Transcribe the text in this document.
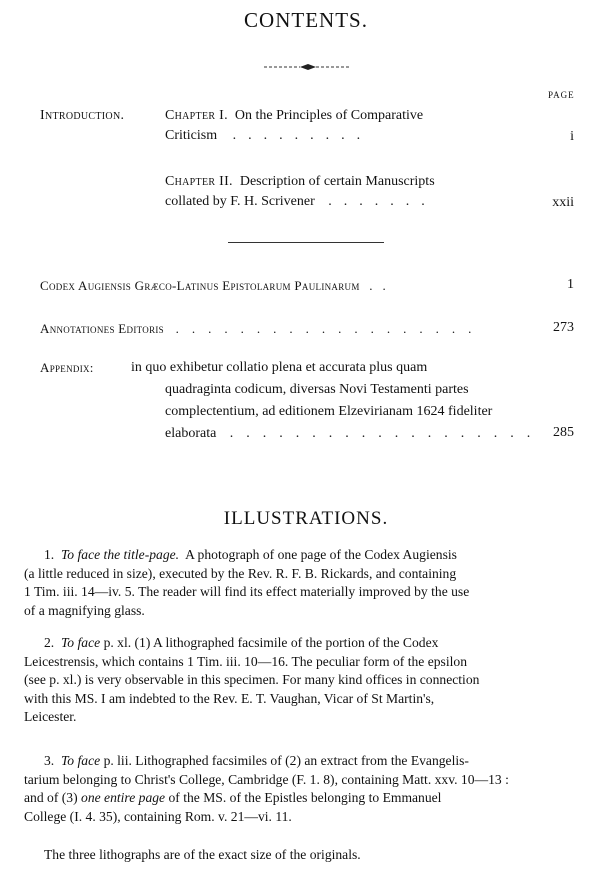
CONTENTS.
PAGE
Introduction.	Chapter I. On the Principles of Comparative
Criticism .........	i
Chapter II. Description of certain Manuscripts
collated by F. H. Scrivener .......	xxii
Codex Augiensis Græco-Latinus Epistolarum Paulinarum ..	1
Annotationes Editoris ...................	273
Appendix:	in quo exhibetur collatio plena et accurata plus quam
quadraginta codicum, diversas Novi Testamenti partes
complectentium, ad editionem Elzevirianam 1624 fideliter
elaborata ................... 285
ILLUSTRATIONS.
1. To face the title-page. A photograph of one page of the Codex Augiensis
(a little reduced in size), executed by the Rev. R. F. B. Rickards, and containing
1 Tim. iii. 14—iv. 5. The reader will find its effect materially improved by the use
of a magnifying glass.
2. To face p. xl. (1) A lithographed facsimile of the portion of the Codex
Leicestrensis, which contains 1 Tim. iii. 10—16. The peculiar form of the epsilon
(see p. xl.) is very observable in this specimen. For many kind offices in connection
with this MS. I am indebted to the Rev. E. T. Vaughan, Vicar of St Martin's,
Leicester.
3. To face p. lii. Lithographed facsimiles of (2) an extract from the Evangelis-
tarium belonging to Christ's College, Cambridge (F. 1. 8), containing Matt. xxv. 10—13 :
and of (3) one entire page of the MS. of the Epistles belonging to Emmanuel
College (I. 4. 35), containing Rom. v. 21—vi. 11.
The three lithographs are of the exact size of the originals.
